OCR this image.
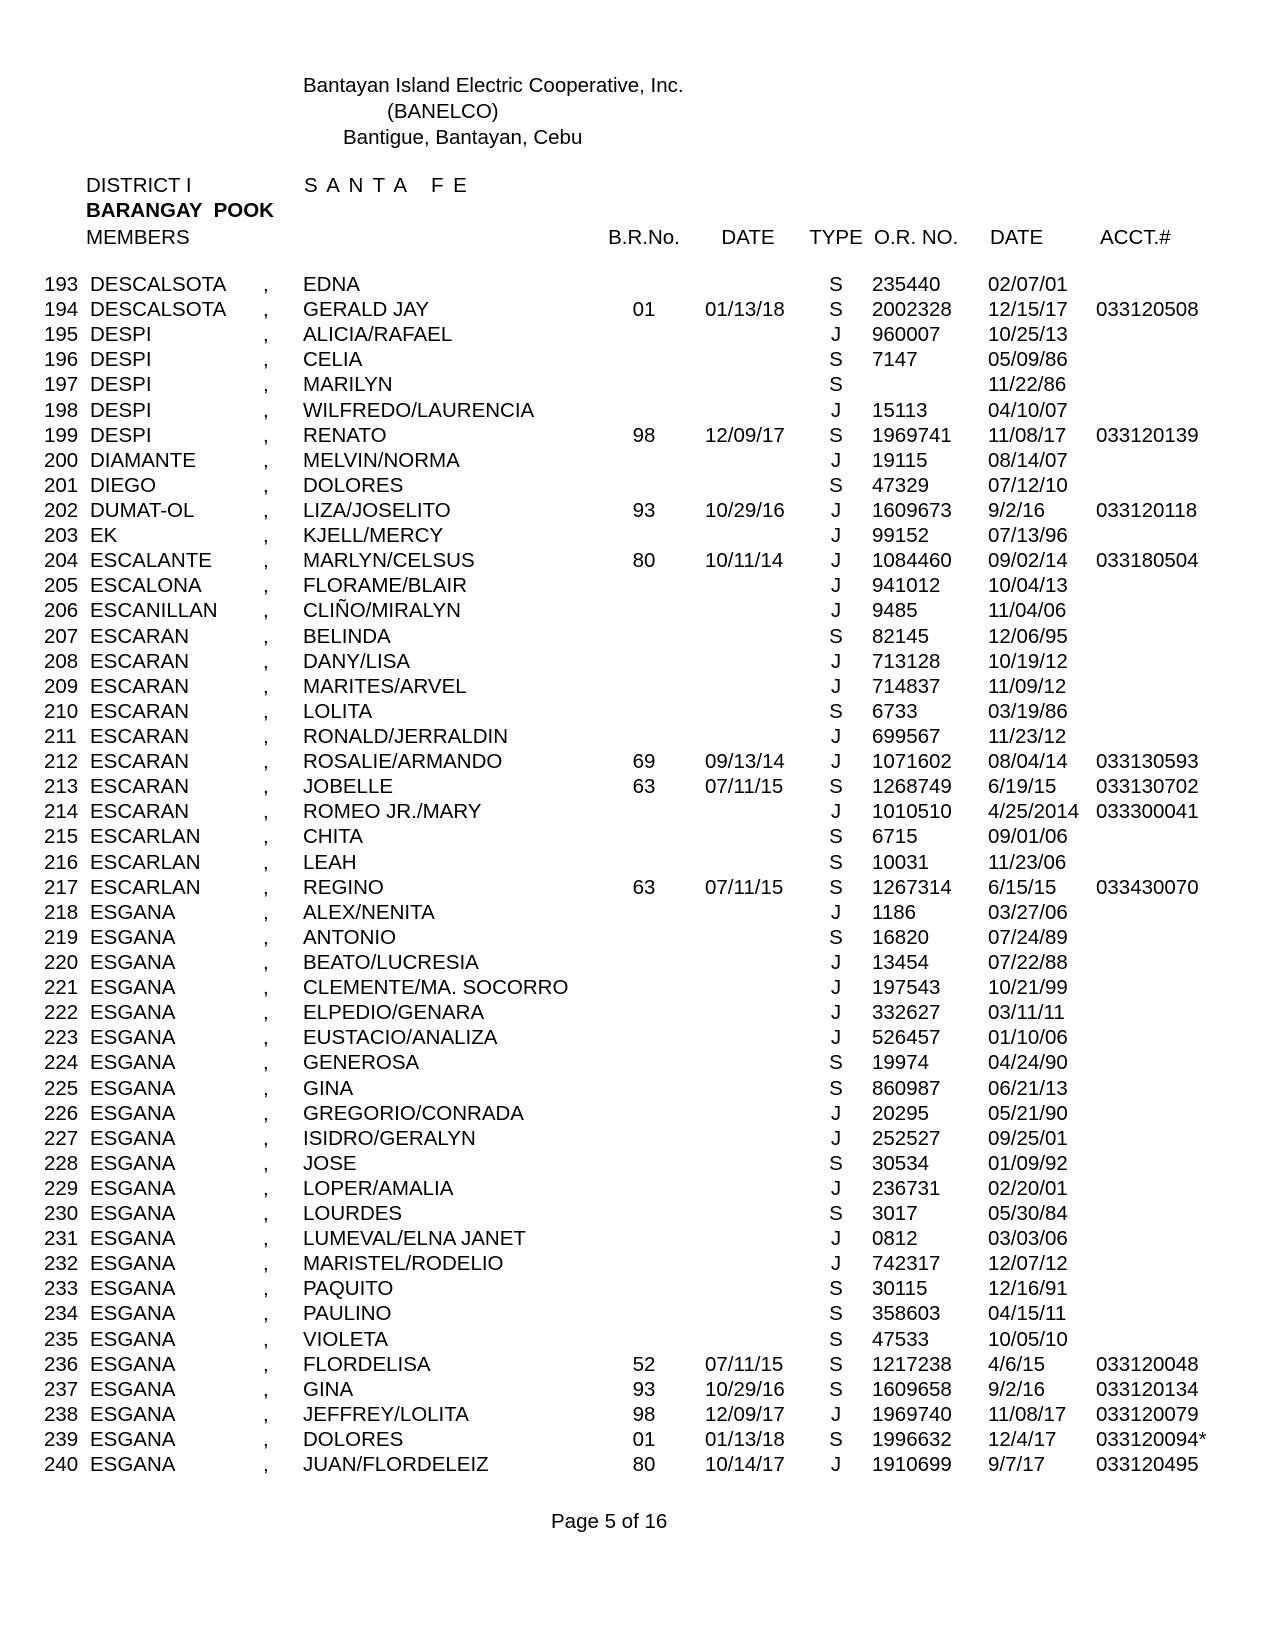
Bantayan Island Electric Cooperative, Inc.
(BANELCO)
Bantigue, Bantayan, Cebu
DISTRICT I	S A N T A   F E
BARANGAY  POOK
MEMBERS	B.R.No.	DATE	TYPE O.R. NO. DATE	ACCT.#
193 DESCALSOTA	,	EDNA	S	235440	02/07/01
194 DESCALSOTA	,	GERALD JAY	01	01/13/18	S	2002328	12/15/17	033120508
195 DESPI	,	ALICIA/RAFAEL	J	960007	10/25/13
196 DESPI	,	CELIA	S	7147	05/09/86
197 DESPI	,	MARILYN	S	11/22/86
198 DESPI	,	WILFREDO/LAURENCIA	J	15113	04/10/07
199 DESPI	,	RENATO	98	12/09/17	S	1969741	11/08/17	033120139
200 DIAMANTE	,	MELVIN/NORMA	J	19115	08/14/07
201 DIEGO	,	DOLORES	S	47329	07/12/10
202 DUMAT-OL	,	LIZA/JOSELITO	93	10/29/16	J	1609673	9/2/16	033120118
203 EK	,	KJELL/MERCY	J	99152	07/13/96
204 ESCALANTE	,	MARLYN/CELSUS	80	10/11/14	J	1084460	09/02/14	033180504
205 ESCALONA	,	FLORAME/BLAIR	J	941012	10/04/13
206 ESCANILLAN	,	CLIÑO/MIRALYN	J	9485	11/04/06
207 ESCARAN	,	BELINDA	S	82145	12/06/95
208 ESCARAN	,	DANY/LISA	J	713128	10/19/12
209 ESCARAN	,	MARITES/ARVEL	J	714837	11/09/12
210 ESCARAN	,	LOLITA	S	6733	03/19/86
211 ESCARAN	,	RONALD/JERRALDIN	J	699567	11/23/12
212 ESCARAN	,	ROSALIE/ARMANDO	69	09/13/14	J	1071602	08/04/14	033130593
213 ESCARAN	,	JOBELLE	63	07/11/15	S	1268749	6/19/15	033130702
214 ESCARAN	,	ROMEO JR./MARY	J	1010510	4/25/2014 033300041
215 ESCARLAN	,	CHITA	S	6715	09/01/06
216 ESCARLAN	,	LEAH	S	10031	11/23/06
217 ESCARLAN	,	REGINO	63	07/11/15	S	1267314	6/15/15	033430070
218 ESGANA	,	ALEX/NENITA	J	1186	03/27/06
219 ESGANA	,	ANTONIO	S	16820	07/24/89
220 ESGANA	,	BEATO/LUCRESIA	J	13454	07/22/88
221 ESGANA	,	CLEMENTE/MA. SOCORRO	J	197543	10/21/99
222 ESGANA	,	ELPEDIO/GENARA	J	332627	03/11/11
223 ESGANA	,	EUSTACIO/ANALIZA	J	526457	01/10/06
224 ESGANA	,	GENEROSA	S	19974	04/24/90
225 ESGANA	,	GINA	S	860987	06/21/13
226 ESGANA	,	GREGORIO/CONRADA	J	20295	05/21/90
227 ESGANA	,	ISIDRO/GERALYN	J	252527	09/25/01
228 ESGANA	,	JOSE	S	30534	01/09/92
229 ESGANA	,	LOPER/AMALIA	J	236731	02/20/01
230 ESGANA	,	LOURDES	S	3017	05/30/84
231 ESGANA	,	LUMEVAL/ELNA JANET	J	0812	03/03/06
232 ESGANA	,	MARISTEL/RODELIO	J	742317	12/07/12
233 ESGANA	,	PAQUITO	S	30115	12/16/91
234 ESGANA	,	PAULINO	S	358603	04/15/11
235 ESGANA	,	VIOLETA	S	47533	10/05/10
236 ESGANA	,	FLORDELISA	52	07/11/15	S	1217238	4/6/15	033120048
237 ESGANA	,	GINA	93	10/29/16	S	1609658	9/2/16	033120134
238 ESGANA	,	JEFFREY/LOLITA	98	12/09/17	J	1969740	11/08/17	033120079
239 ESGANA	,	DOLORES	01	01/13/18	S	1996632	12/4/17	033120094*
240 ESGANA	,	JUAN/FLORDELEIZ	80	10/14/17	J	1910699	9/7/17	033120495
Page 5 of 16
